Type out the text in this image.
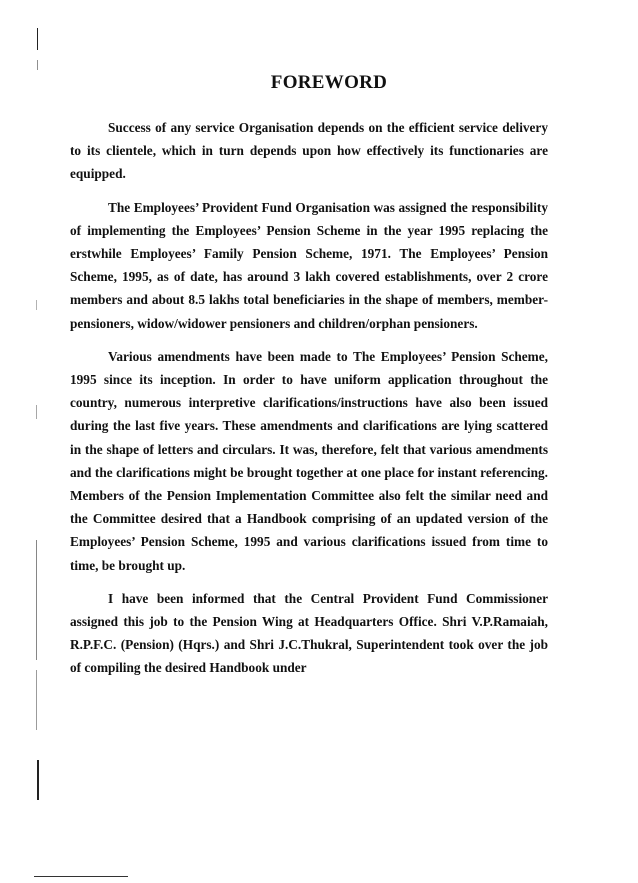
FOREWORD

Success of any service Organisation depends on the efficient service delivery to its clientele, which in turn depends upon how effectively its functionaries are equipped.

The Employees’ Provident Fund Organisation was assigned the responsibility of implementing the Employees’ Pension Scheme in the year 1995 replacing the erstwhile Employees’ Family Pension Scheme, 1971. The Employees’ Pension Scheme, 1995, as of date, has around 3 lakh covered establishments, over 2 crore members and about 8.5 lakhs total beneficiaries in the shape of members, member-pensioners, widow/widower pensioners and children/orphan pensioners.

Various amendments have been made to The Employees’ Pension Scheme, 1995 since its inception. In order to have uniform application throughout the country, numerous interpretive clarifications/instructions have also been issued during the last five years. These amendments and clarifications are lying scattered in the shape of letters and circulars. It was, therefore, felt that various amendments and the clarifications might be brought together at one place for instant referencing. Members of the Pension Implementation Committee also felt the similar need and the Committee desired that a Handbook comprising of an updated version of the Employees’ Pension Scheme, 1995 and various clarifications issued from time to time, be brought up.

I have been informed that the Central Provident Fund Commissioner assigned this job to the Pension Wing at Headquarters Office. Shri V.P.Ramaiah, R.P.F.C. (Pension) (Hqrs.) and Shri J.C.Thukral, Superintendent took over the job of compiling the desired Handbook under
